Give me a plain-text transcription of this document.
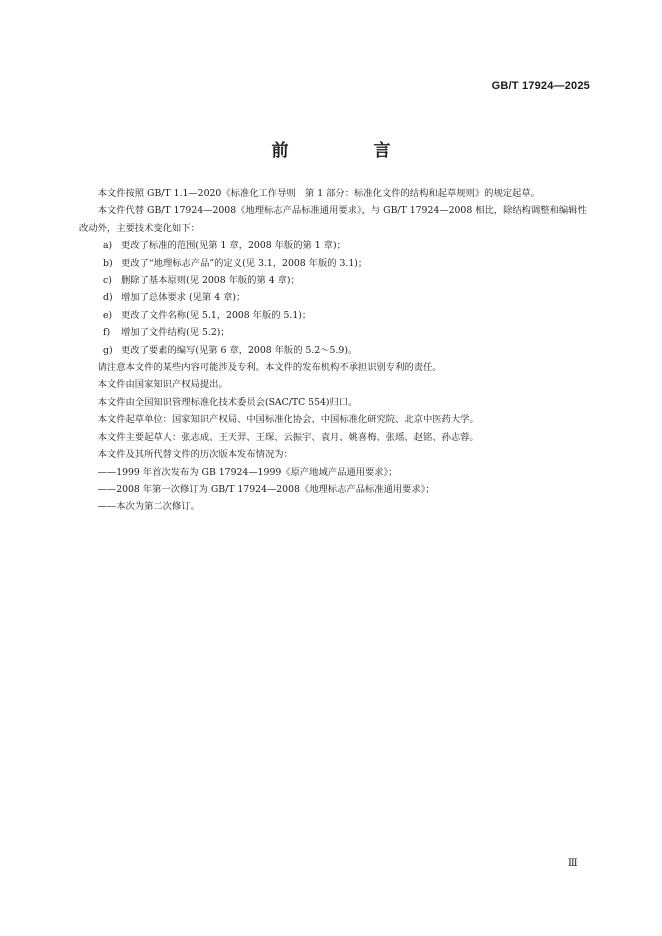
GB/T 17924—2025
前　言

本文件按照 GB/T 1.1—2020《标准化工作导则　第 1 部分：标准化文件的结构和起草规则》的规定起草。

本文件代替 GB/T 17924—2008《地理标志产品标准通用要求》，与 GB/T 17924—2008 相比，除结构调整和编辑性改动外，主要技术变化如下：

a) 更改了标准的范围(见第 1 章，2008 年版的第 1 章)；

b) 更改了“地理标志产品”的定义(见 3.1，2008 年版的 3.1)；

c) 删除了基本原则(见 2008 年版的第 4 章)；

d) 增加了总体要求 (见第 4 章)；

e) 更改了文件名称(见 5.1，2008 年版的 5.1)；

f)	增加了文件结构(见 5.2)；

g) 更改了要素的编写(见第 6 章，2008 年版的 5.2～5.9)。

请注意本文件的某些内容可能涉及专利。本文件的发布机构不承担识别专利的责任。

本文件由国家知识产权局提出。

本文件由全国知识管理标准化技术委员会(SAC/TC 554)归口。

本文件起草单位：国家知识产权局、中国标准化协会、中国标准化研究院、北京中医药大学。

本文件主要起草人：张志成、王天羿、王琛、云振宇、袁月、姚喜梅、张瑶、赵铭、孙志蓉。

本文件及其所代替文件的历次版本发布情况为：

——1999 年首次发布为 GB 17924—1999《原产地域产品通用要求》；

——2008 年第一次修订为 GB/T 17924—2008《地理标志产品标准通用要求》；

——本次为第二次修订。

Ⅲ
